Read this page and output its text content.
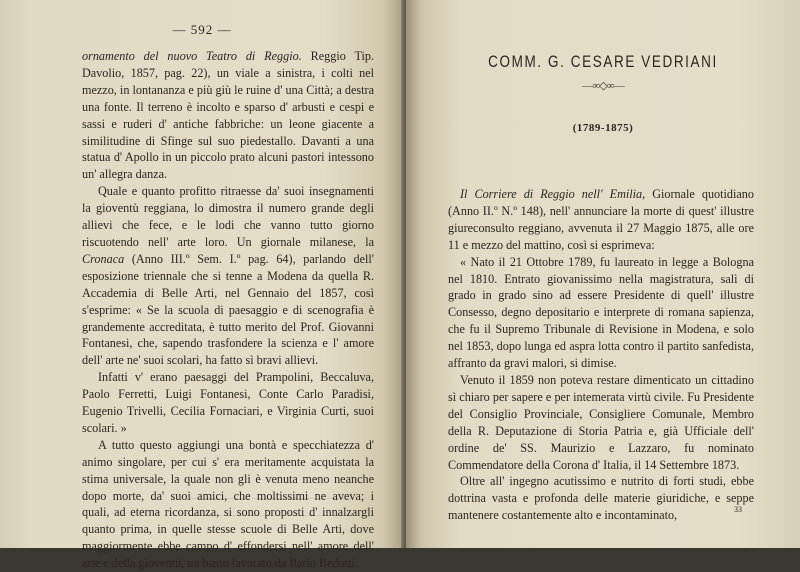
— 592 —

ornamento del nuovo Teatro di Reggio. Reggio Tip. Davolio, 1857, pag. 22), un viale a sinistra, i colti nel mezzo, in lontananza e più giù le ruine d' una Città; a destra una fonte. Il terreno è incolto e sparso d' arbusti e cespi e sassi e ruderi d' antiche fabbriche: un leone giacente a similitudine di Sfinge sul suo piedestallo. Davanti a una statua d' Apollo in un piccolo prato alcuni pastori intessono un' allegra danza.

Quale e quanto profitto ritraesse da' suoi insegnamenti la gioventù reggiana, lo dimostra il numero grande degli allievi che fece, e le lodi che vanno tutto giorno riscuotendo nell' arte loro. Un giornale milanese, la Cronaca (Anno III.º Sem. I.º pag. 64), parlando dell' esposizione triennale che si tenne a Modena da quella R. Accademia di Belle Arti, nel Gennaio del 1857, così s'esprime: « Se la scuola di paesaggio e di scenografia è grandemente accreditata, è tutto merito del Prof. Giovanni Fontanesi, che, sapendo trasfondere la scienza e l' amore dell' arte ne' suoi scolari, ha fatto sì bravi allievi.

Infatti v' erano paesaggi del Prampolini, Beccaluva, Paolo Ferretti, Luigi Fontanesi, Conte Carlo Paradisi, Eugenio Trivelli, Cecilia Fornaciari, e Virginia Curti, suoi scolari. »

A tutto questo aggiungi una bontà e specchiatezza d' animo singolare, per cui s' era meritamente acquistata la stima universale, la quale non gli è venuta meno neanche dopo morte, da' suoi amici, che moltissimi ne aveva; i quali, ad eterna ricordanza, si sono proposti d' innalzargli quanto prima, in quelle stesse scuole di Belle Arti, dove maggiormente ebbe campo d' effondersi nell' amore dell' arte e della gioventù, un busto lavorato da Ilario Bedotti.

COMM. G. CESARE VEDRIANI
—∞◇∞—
(1789-1875)

Il Corriere di Reggio nell' Emilia, Giornale quotidiano (Anno II.º N.º 148), nell' annunciare la morte di quest' illustre giureconsulto reggiano, avvenuta il 27 Maggio 1875, alle ore 11 e mezzo del mattino, così si esprimeva:

« Nato il 21 Ottobre 1789, fu laureato in legge a Bologna nel 1810. Entrato giovanissimo nella magistratura, salì di grado in grado sino ad essere Presidente di quell' illustre Consesso, degno depositario e interprete di romana sapienza, che fu il Supremo Tribunale di Revisione in Modena, e solo nel 1853, dopo lunga ed aspra lotta contro il partito sanfedista, affranto da gravi malori, si dimise.

Venuto il 1859 non poteva restare dimenticato un cittadino sì chiaro per sapere e per intemerata virtù civile. Fu Presidente del Consiglio Provinciale, Consigliere Comunale, Membro della R. Deputazione di Storia Patria e, già Ufficiale dell' ordine de' SS. Maurizio e Lazzaro, fu nominato Commendatore della Corona d' Italia, il 14 Settembre 1873.

Oltre all' ingegno acutissimo e nutrito di forti studi, ebbe dottrina vasta e profonda delle materie giuridiche, e seppe mantenere costantemente alto e incontaminato,	33
